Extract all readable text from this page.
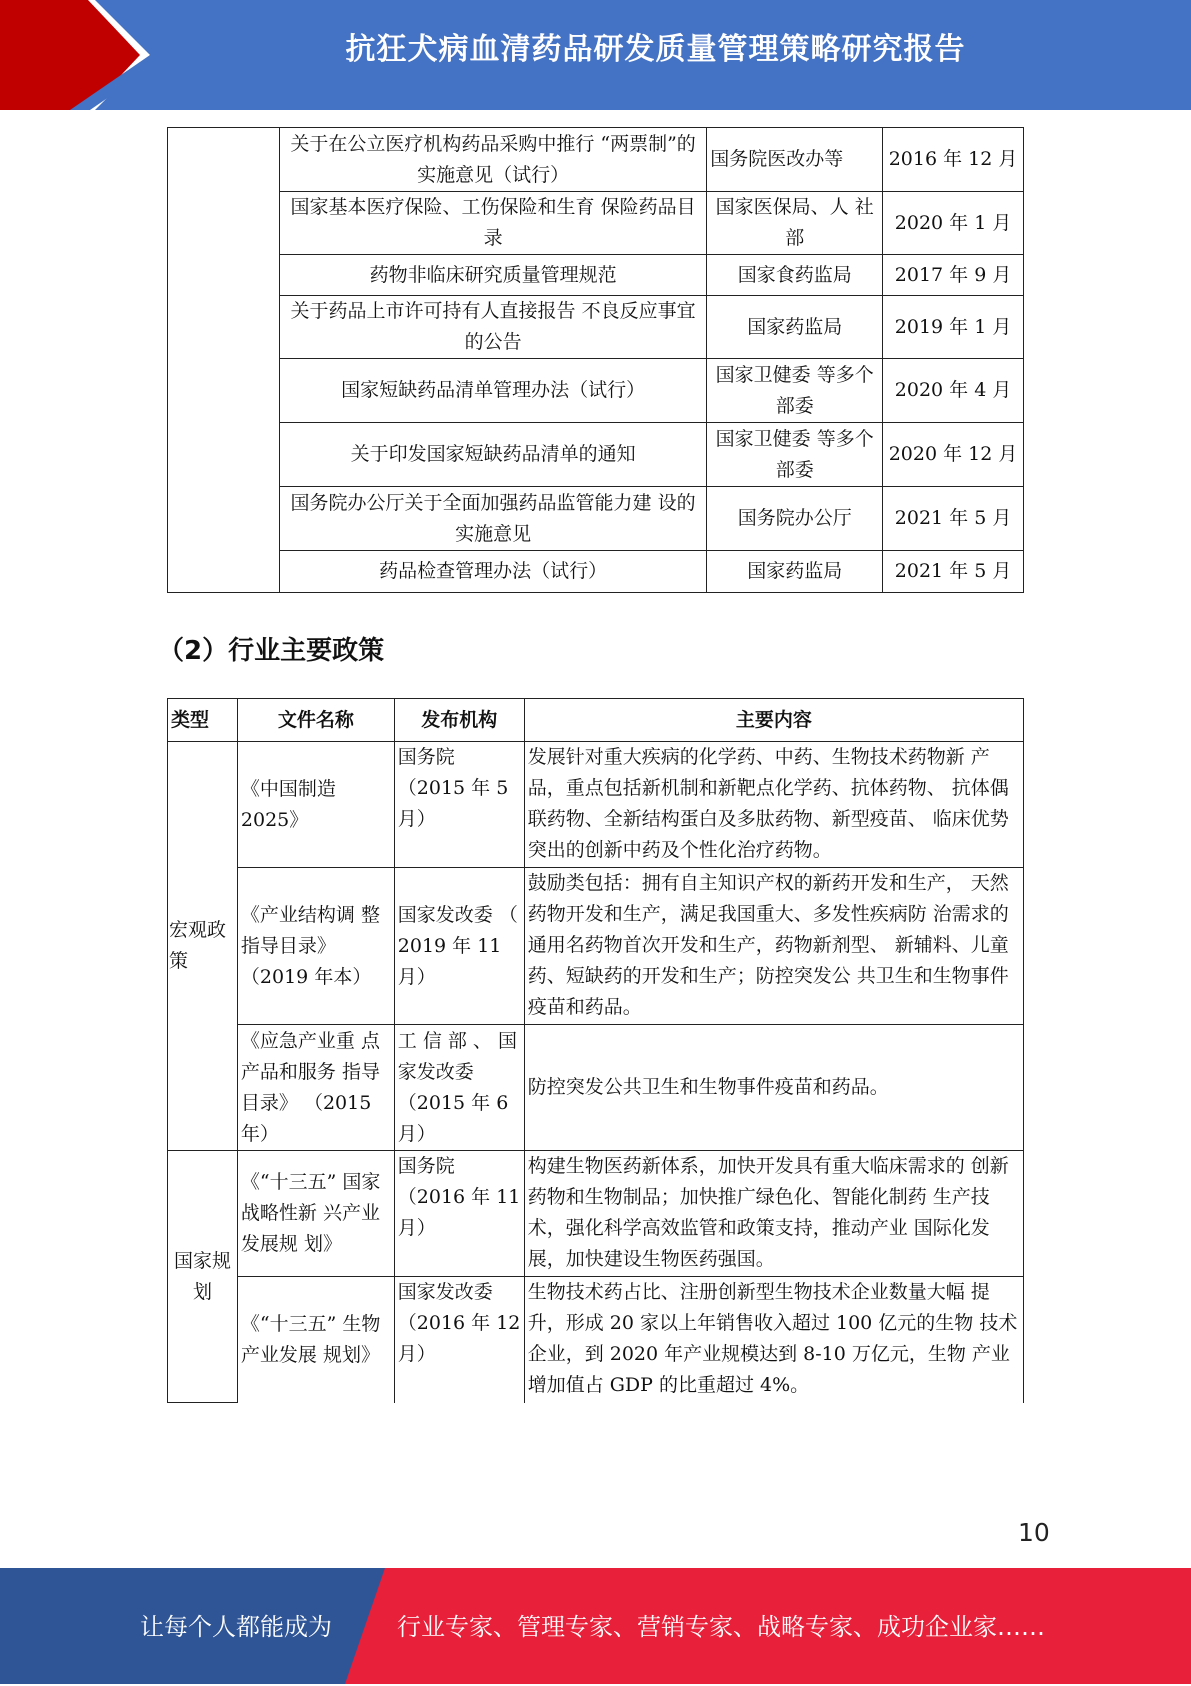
抗狂犬病血清药品研发质量管理策略研究报告
	关于在公立医疗机构药品采购中推行 “两票制”的实施意见（试行）	国务院医改办等	2016 年 12 月
	国家基本医疗保险、工伤保险和生育 保险药品目录	国家医保局、人 社部	2020 年 1 月
	药物非临床研究质量管理规范	国家食药监局	2017 年 9 月
	关于药品上市许可持有人直接报告 不良反应事宜的公告	国家药监局	2019 年 1 月
	国家短缺药品清单管理办法（试行）	国家卫健委 等多个部委	2020 年 4 月
	关于印发国家短缺药品清单的通知	国家卫健委 等多个部委	2020 年 12 月
	国务院办公厅关于全面加强药品监管能力建 设的实施意见	国务院办公厅	2021 年 5 月
	药品检查管理办法（试行）	国家药监局	2021 年 5 月
（2）行业主要政策
类型	文件名称	发布机构	主要内容
宏观政策	《中国制造 2025》	国务院 （2015 年 5 月）	发展针对重大疾病的化学药、中药、生物技术药物新 产品，重点包括新机制和新靶点化学药、抗体药物、 抗体偶联药物、全新结构蛋白及多肽药物、新型疫苗、 临床优势突出的创新中药及个性化治疗药物。
	《产业结构调 整指导目录》（2019 年本）	国家发改委 （ 2019 年 11 月）	鼓励类包括：拥有自主知识产权的新药开发和生产， 天然药物开发和生产，满足我国重大、多发性疾病防 治需求的通用名药物首次开发和生产，药物新剂型、 新辅料、儿童药、短缺药的开发和生产；防控突发公 共卫生和生物事件疫苗和药品。
	《应急产业重 点产品和服务 指导目录》 （2015 年）	工 信 部 、 国 家发改委 （2015 年 6 月）	防控突发公共卫生和生物事件疫苗和药品。
国家规划	《“十三五” 国家战略性新 兴产业发展规 划》	国务院 （2016 年 11 月）	构建生物医药新体系，加快开发具有重大临床需求的 创新药物和生物制品；加快推广绿色化、智能化制药 生产技术，强化科学高效监管和政策支持，推动产业 国际化发展，加快建设生物医药强国。
	《“十三五” 生物产业发展 规划》	国家发改委 （2016 年 12 月）	生物技术药占比、注册创新型生物技术企业数量大幅 提升，形成 20 家以上年销售收入超过 100 亿元的生物 技术企业，到 2020 年产业规模达到 8-10 万亿元，生物 产业增加值占 GDP 的比重超过 4%。
10
让每个人都能成为	行业专家、管理专家、营销专家、战略专家、成功企业家……
